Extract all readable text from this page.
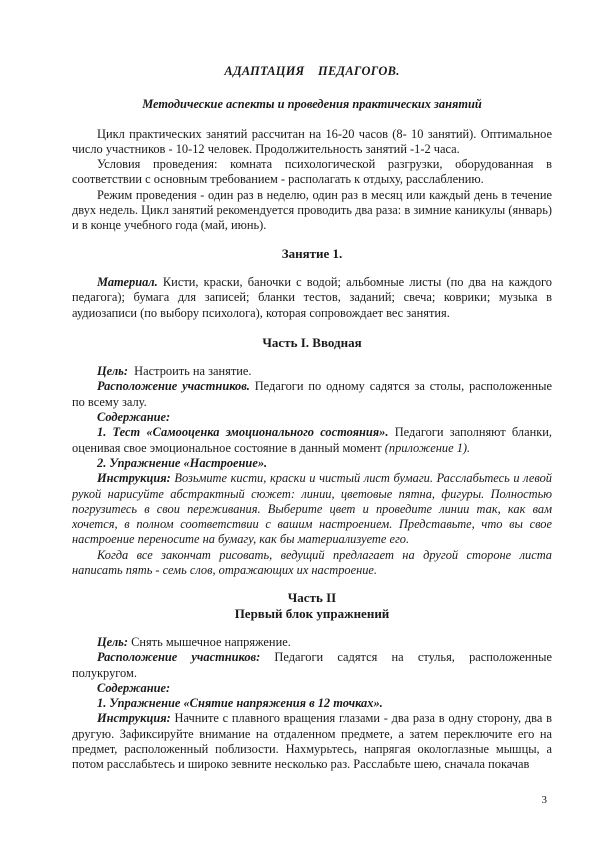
АДАПТАЦИЯ    ПЕДАГОГОВ.
Методические аспекты и проведения практических занятий

Цикл практических занятий рассчитан на 16-20 часов (8- 10 занятий). Оптимальное число участников - 10-12 человек. Продолжительность занятий -1-2 часа.

Условия проведения: комната психологической разгрузки, оборудованная в соответствии с основным требованием - располагать к отдыху, расслаблению.

Режим проведения - один раз в неделю, один раз в месяц или каждый день в течение двух недель. Цикл занятий рекомендуется проводить два раза: в зимние каникулы (январь) и в конце учебного года (май, июнь).

Занятие 1.

Материал. Кисти, краски, баночки с водой; альбомные листы (по два на каждого педагога); бумага для записей; бланки тестов, заданий; свеча; коврики; музыка в аудиозаписи (по выбору психолога), которая сопровождает вес занятия.

Часть I. Вводная

Цель:  Настроить на занятие.

Расположение участников. Педагоги по одному садятся за столы, расположенные по всему залу.

Содержание:

1. Тест «Самооценка эмоционального состояния». Педагоги заполняют бланки, оценивая свое эмоциональное состояние в данный момент (приложение 1).

2. Упражнение «Настроение».

Инструкция: Возьмите кисти, краски и чистый лист бумаги. Расслабьтесь и левой рукой нарисуйте абстрактный сюжет: линии, цветовые пятна, фигуры. Полностью погрузитесь в свои переживания. Выберите цвет и проведите линии так, как вам хочется, в полном соответствии с вашим настроением. Представьте, что вы свое настроение переносите на бумагу, как бы материализуете его.

Когда все закончат рисовать, ведущий предлагает на другой стороне листа написать пять - семь слов, отражающих их настроение.

Часть II
Первый блок упражнений

Цель: Снять мышечное напряжение.

Расположение участников: Педагоги садятся на стулья, расположенные полукругом.

Содержание:

1. Упражнение «Снятие напряжения в 12 точках».

Инструкция: Начните с плавного вращения глазами - два раза в одну сторону, два в другую. Зафиксируйте внимание на отдаленном предмете, а затем переключите его на предмет, расположенный поблизости. Нахмурьтесь, напрягая окологлазные мышцы, а потом расслабьтесь и широко зевните несколько раз. Расслабьте шею, сначала покачав

3
